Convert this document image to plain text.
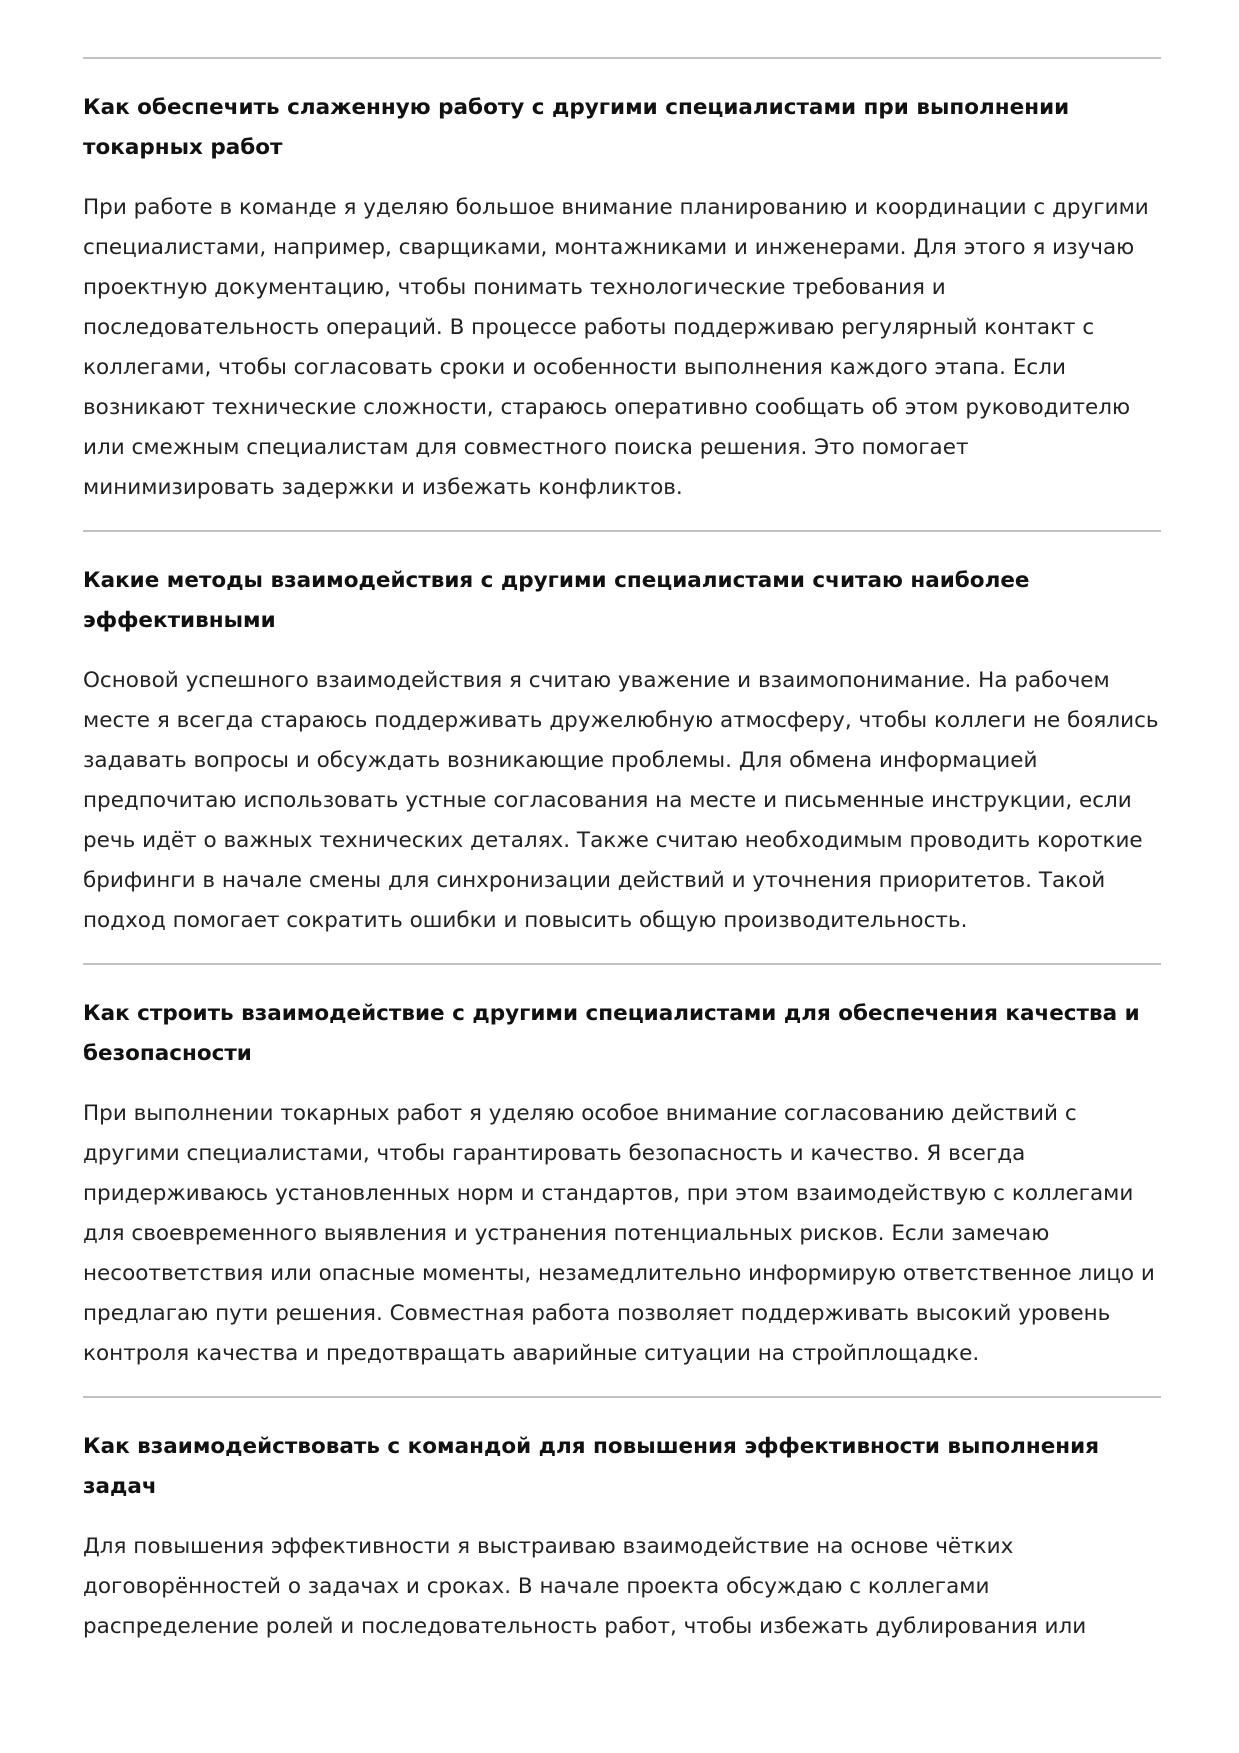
Как обеспечить слаженную работу с другими специалистами при выполнении токарных работ

При работе в команде я уделяю большое внимание планированию и координации с другими специалистами, например, сварщиками, монтажниками и инженерами. Для этого я изучаю проектную документацию, чтобы понимать технологические требования и последовательность операций. В процессе работы поддерживаю регулярный контакт с коллегами, чтобы согласовать сроки и особенности выполнения каждого этапа. Если возникают технические сложности, стараюсь оперативно сообщать об этом руководителю или смежным специалистам для совместного поиска решения. Это помогает минимизировать задержки и избежать конфликтов.

Какие методы взаимодействия с другими специалистами считаю наиболее эффективными

Основой успешного взаимодействия я считаю уважение и взаимопонимание. На рабочем месте я всегда стараюсь поддерживать дружелюбную атмосферу, чтобы коллеги не боялись задавать вопросы и обсуждать возникающие проблемы. Для обмена информацией предпочитаю использовать устные согласования на месте и письменные инструкции, если речь идёт о важных технических деталях. Также считаю необходимым проводить короткие брифинги в начале смены для синхронизации действий и уточнения приоритетов. Такой подход помогает сократить ошибки и повысить общую производительность.

Как строить взаимодействие с другими специалистами для обеспечения качества и безопасности

При выполнении токарных работ я уделяю особое внимание согласованию действий с другими специалистами, чтобы гарантировать безопасность и качество. Я всегда придерживаюсь установленных норм и стандартов, при этом взаимодействую с коллегами для своевременного выявления и устранения потенциальных рисков. Если замечаю несоответствия или опасные моменты, незамедлительно информирую ответственное лицо и предлагаю пути решения. Совместная работа позволяет поддерживать высокий уровень контроля качества и предотвращать аварийные ситуации на стройплощадке.

Как взаимодействовать с командой для повышения эффективности выполнения задач

Для повышения эффективности я выстраиваю взаимодействие на основе чётких договорённостей о задачах и сроках. В начале проекта обсуждаю с коллегами распределение ролей и последовательность работ, чтобы избежать дублирования или
